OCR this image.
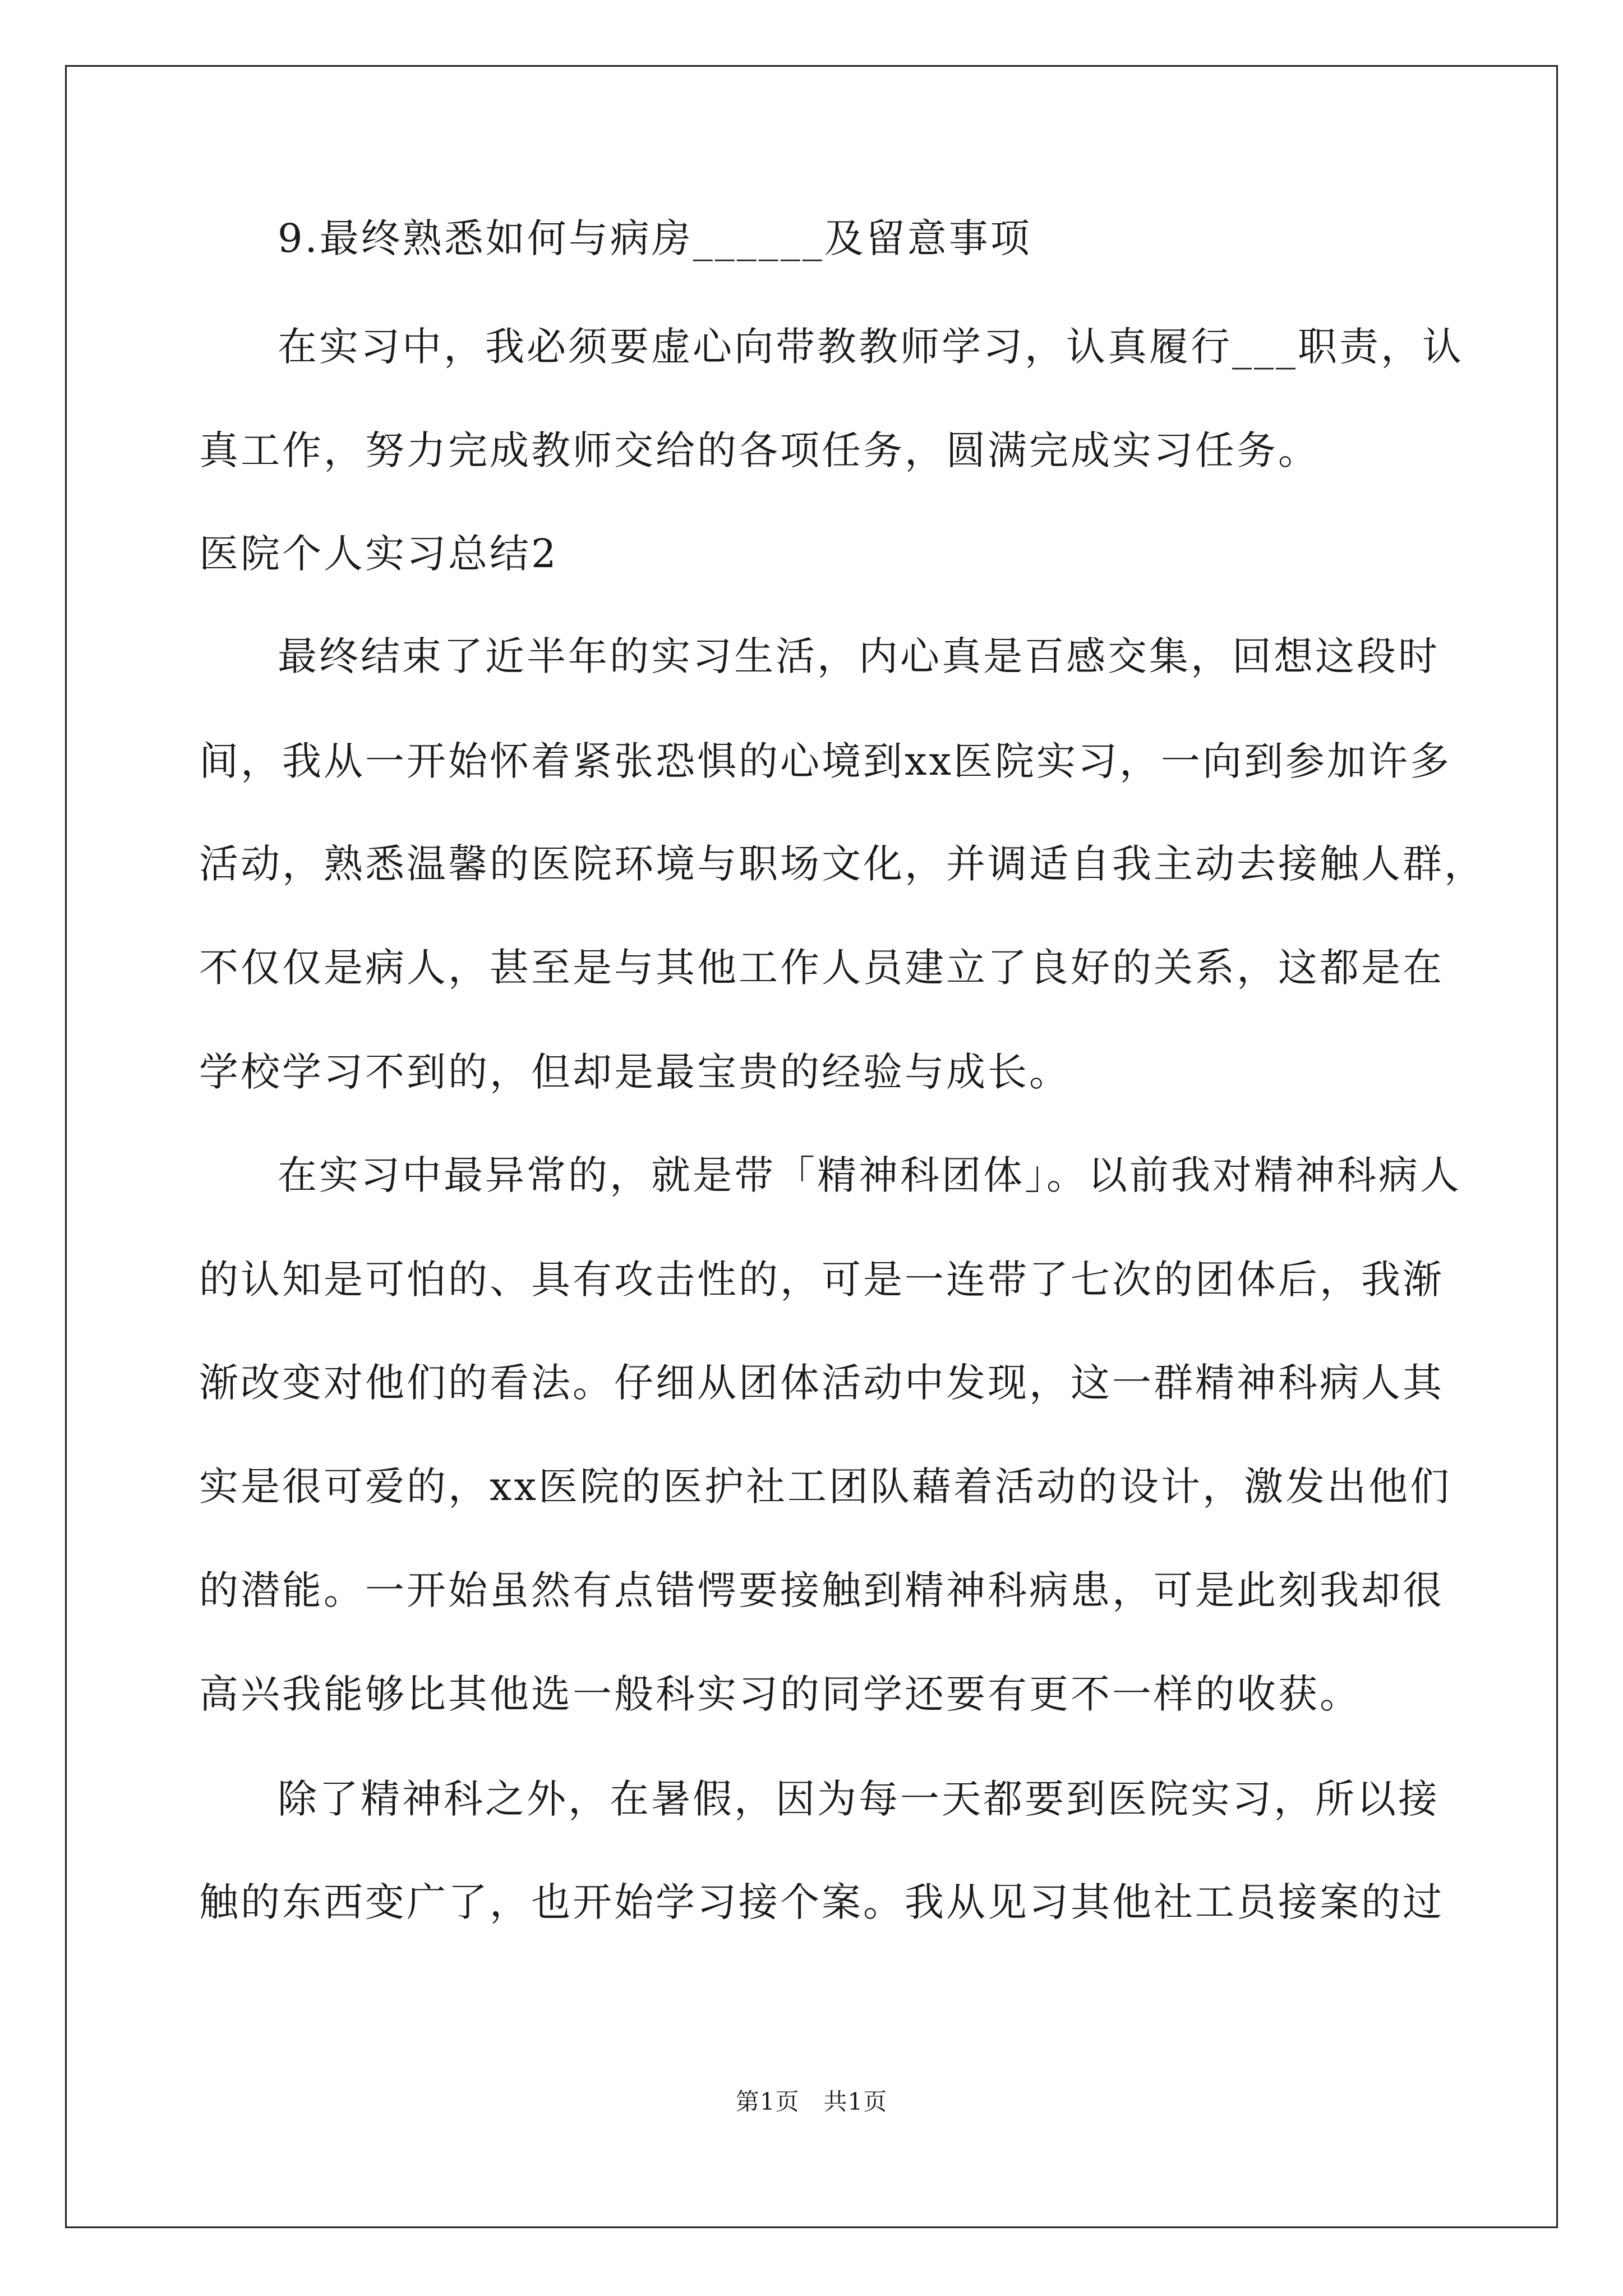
9.最终熟悉如何与病房______及留意事项
在实习中，我必须要虚心向带教教师学习，认真履行___职责，认
真工作，努力完成教师交给的各项任务，圆满完成实习任务。
医院个人实习总结2
最终结束了近半年的实习生活，内心真是百感交集，回想这段时
间，我从一开始怀着紧张恐惧的心境到xx医院实习，一向到参加许多
活动，熟悉温馨的医院环境与职场文化，并调适自我主动去接触人群，
不仅仅是病人，甚至是与其他工作人员建立了良好的关系，这都是在
学校学习不到的，但却是最宝贵的经验与成长。
在实习中最异常的，就是带「精神科团体」。以前我对精神科病人
的认知是可怕的、具有攻击性的，可是一连带了七次的团体后，我渐
渐改变对他们的看法。仔细从团体活动中发现，这一群精神科病人其
实是很可爱的，xx医院的医护社工团队藉着活动的设计，激发出他们
的潜能。一开始虽然有点错愕要接触到精神科病患，可是此刻我却很
高兴我能够比其他选一般科实习的同学还要有更不一样的收获。
除了精神科之外，在暑假，因为每一天都要到医院实习，所以接
触的东西变广了，也开始学习接个案。我从见习其他社工员接案的过
第1页　共1页
